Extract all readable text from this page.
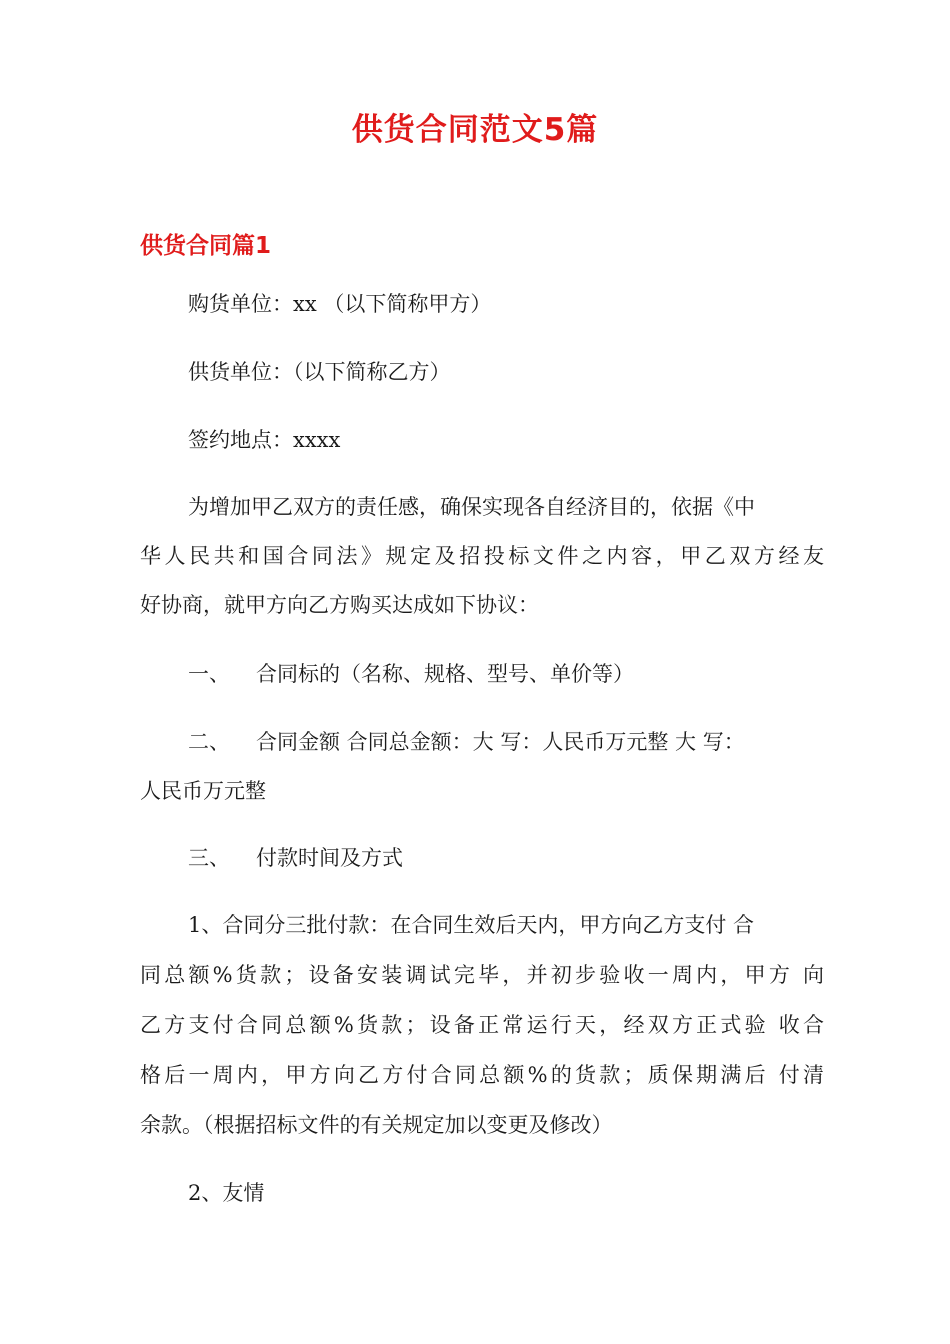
供货合同范文5篇
供货合同篇1

购货单位：xx （以下简称甲方）

供货单位：（以下简称乙方）

签约地点：xxxx

为增加甲乙双方的责任感，确保实现各自经济目的，依据《中

华人民共和国合同法》规定及招投标文件之内容，甲乙双方经友

好协商，就甲方向乙方购买达成如下协议：

一、 合同标的（名称、规格、型号、单价等）

二、 合同金额 合同总金额：大 写：人民币万元整 大 写：

人民币万元整

三、 付款时间及方式

1、合同分三批付款：在合同生效后天内，甲方向乙方支付 合

同总额%货款；设备安装调试完毕，并初步验收一周内，甲方 向

乙方支付合同总额%货款；设备正常运行天，经双方正式验 收合

格后一周内，甲方向乙方付合同总额%的货款；质保期满后 付清

余款。（根据招标文件的有关规定加以变更及修改）

2、友情
